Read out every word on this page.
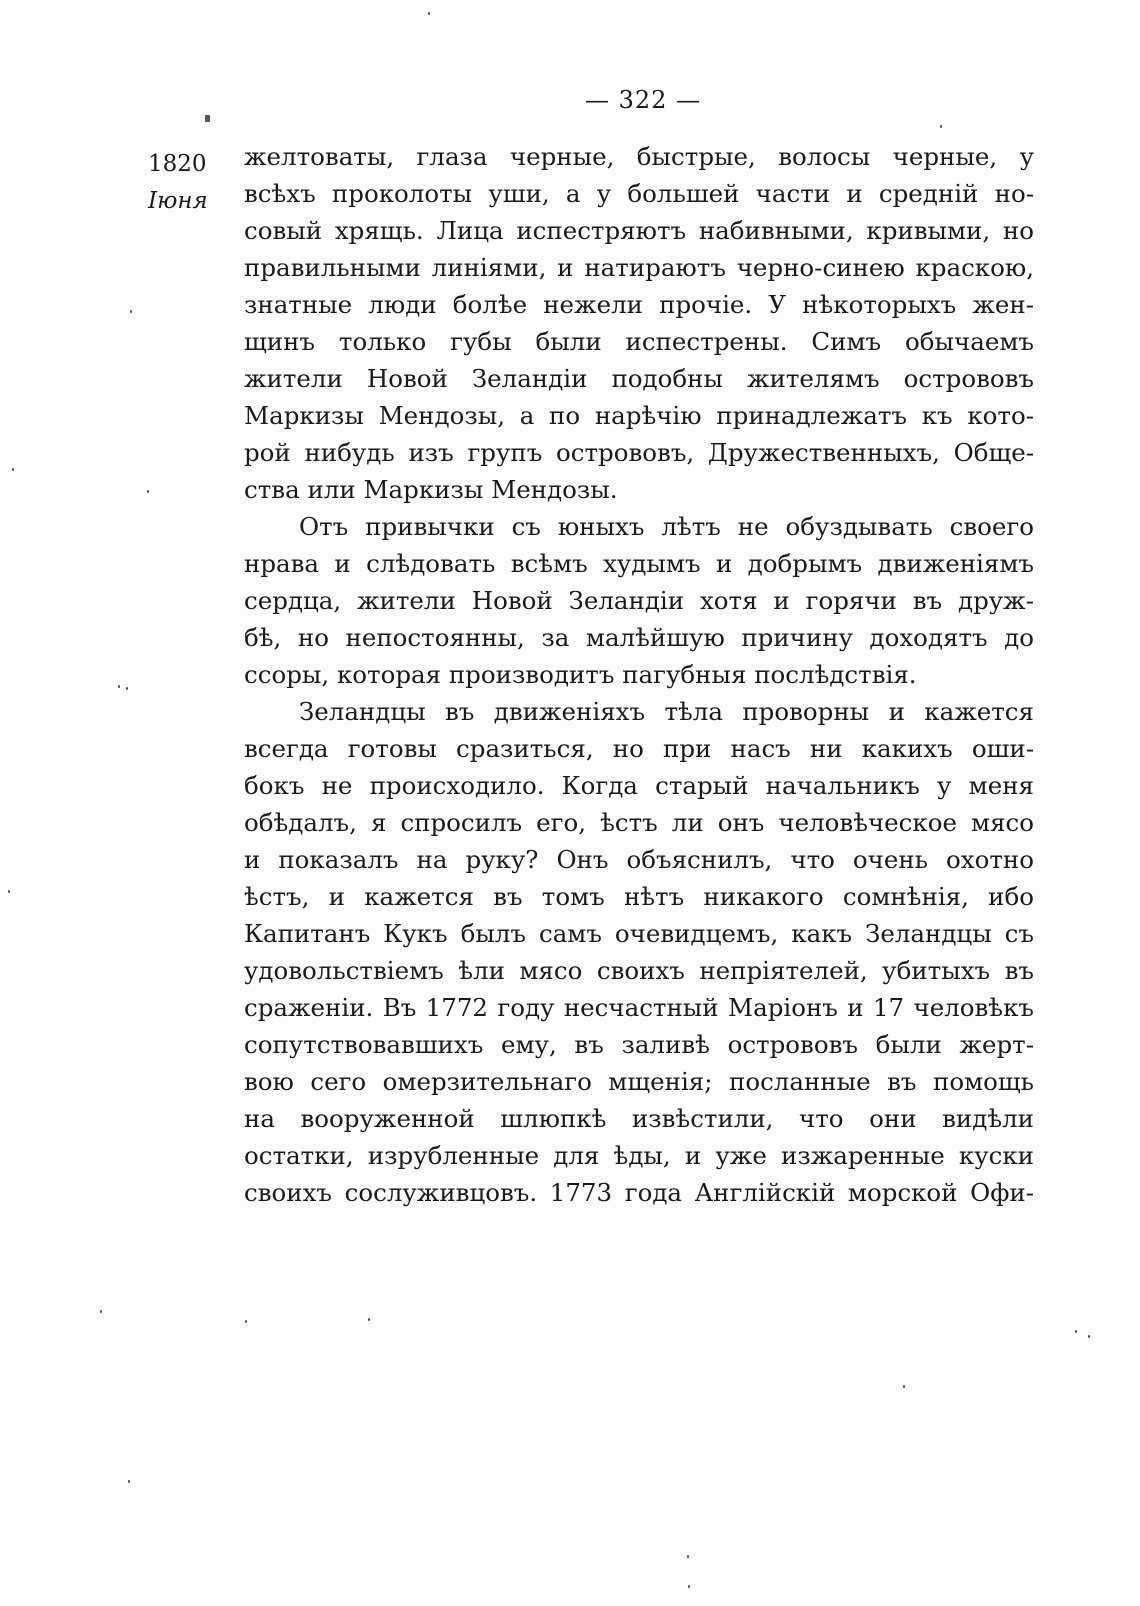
— 322 —
1820
Iюня
желтоваты, глаза черные, быстрые, волосы черные, у
всѣхъ проколоты уши, а у большей части и средній но-
совый хрящь. Лица испестряютъ набивными, кривыми, но
правильными линіями, и натираютъ черно-синею краскою,
знатные люди болѣе нежели прочіе. У нѣкоторыхъ жен-
щинъ только губы были испестрены. Симъ обычаемъ
жители Новой Зеландіи подобны жителямъ острововъ
Маркизы Мендозы, а по нарѣчію принадлежатъ къ кото-
рой нибудь изъ групъ острововъ, Дружественныхъ, Обще-
ства или Маркизы Мендозы.
Отъ привычки съ юныхъ лѣтъ не обуздывать своего
нрава и слѣдовать всѣмъ худымъ и добрымъ движеніямъ
сердца, жители Новой Зеландіи хотя и горячи въ друж-
бѣ, но непостоянны, за малѣйшую причину доходятъ до
ссоры, которая производитъ пагубныя послѣдствія.
Зеландцы въ движеніяхъ тѣла проворны и кажется
всегда готовы сразиться, но при насъ ни какихъ оши-
бокъ не происходило. Когда старый начальникъ у меня
обѣдалъ, я спросилъ его, ѣстъ ли онъ человѣческое мясо
и показалъ на руку? Онъ объяснилъ, что очень охотно
ѣстъ, и кажется въ томъ нѣтъ никакого сомнѣнія, ибо
Капитанъ Кукъ былъ самъ очевидцемъ, какъ Зеландцы съ
удовольствіемъ ѣли мясо своихъ непріятелей, убитыхъ въ
сраженіи. Въ 1772 году несчастный Маріонъ и 17 человѣкъ
сопутствовавшихъ ему, въ заливѣ острововъ были жерт-
вою сего омерзительнаго мщенія; посланные въ помощь
на вооруженной шлюпкѣ извѣстили, что они видѣли
остатки, изрубленные для ѣды, и уже изжаренные куски
своихъ сослуживцовъ. 1773 года Англійскій морской Офи-
